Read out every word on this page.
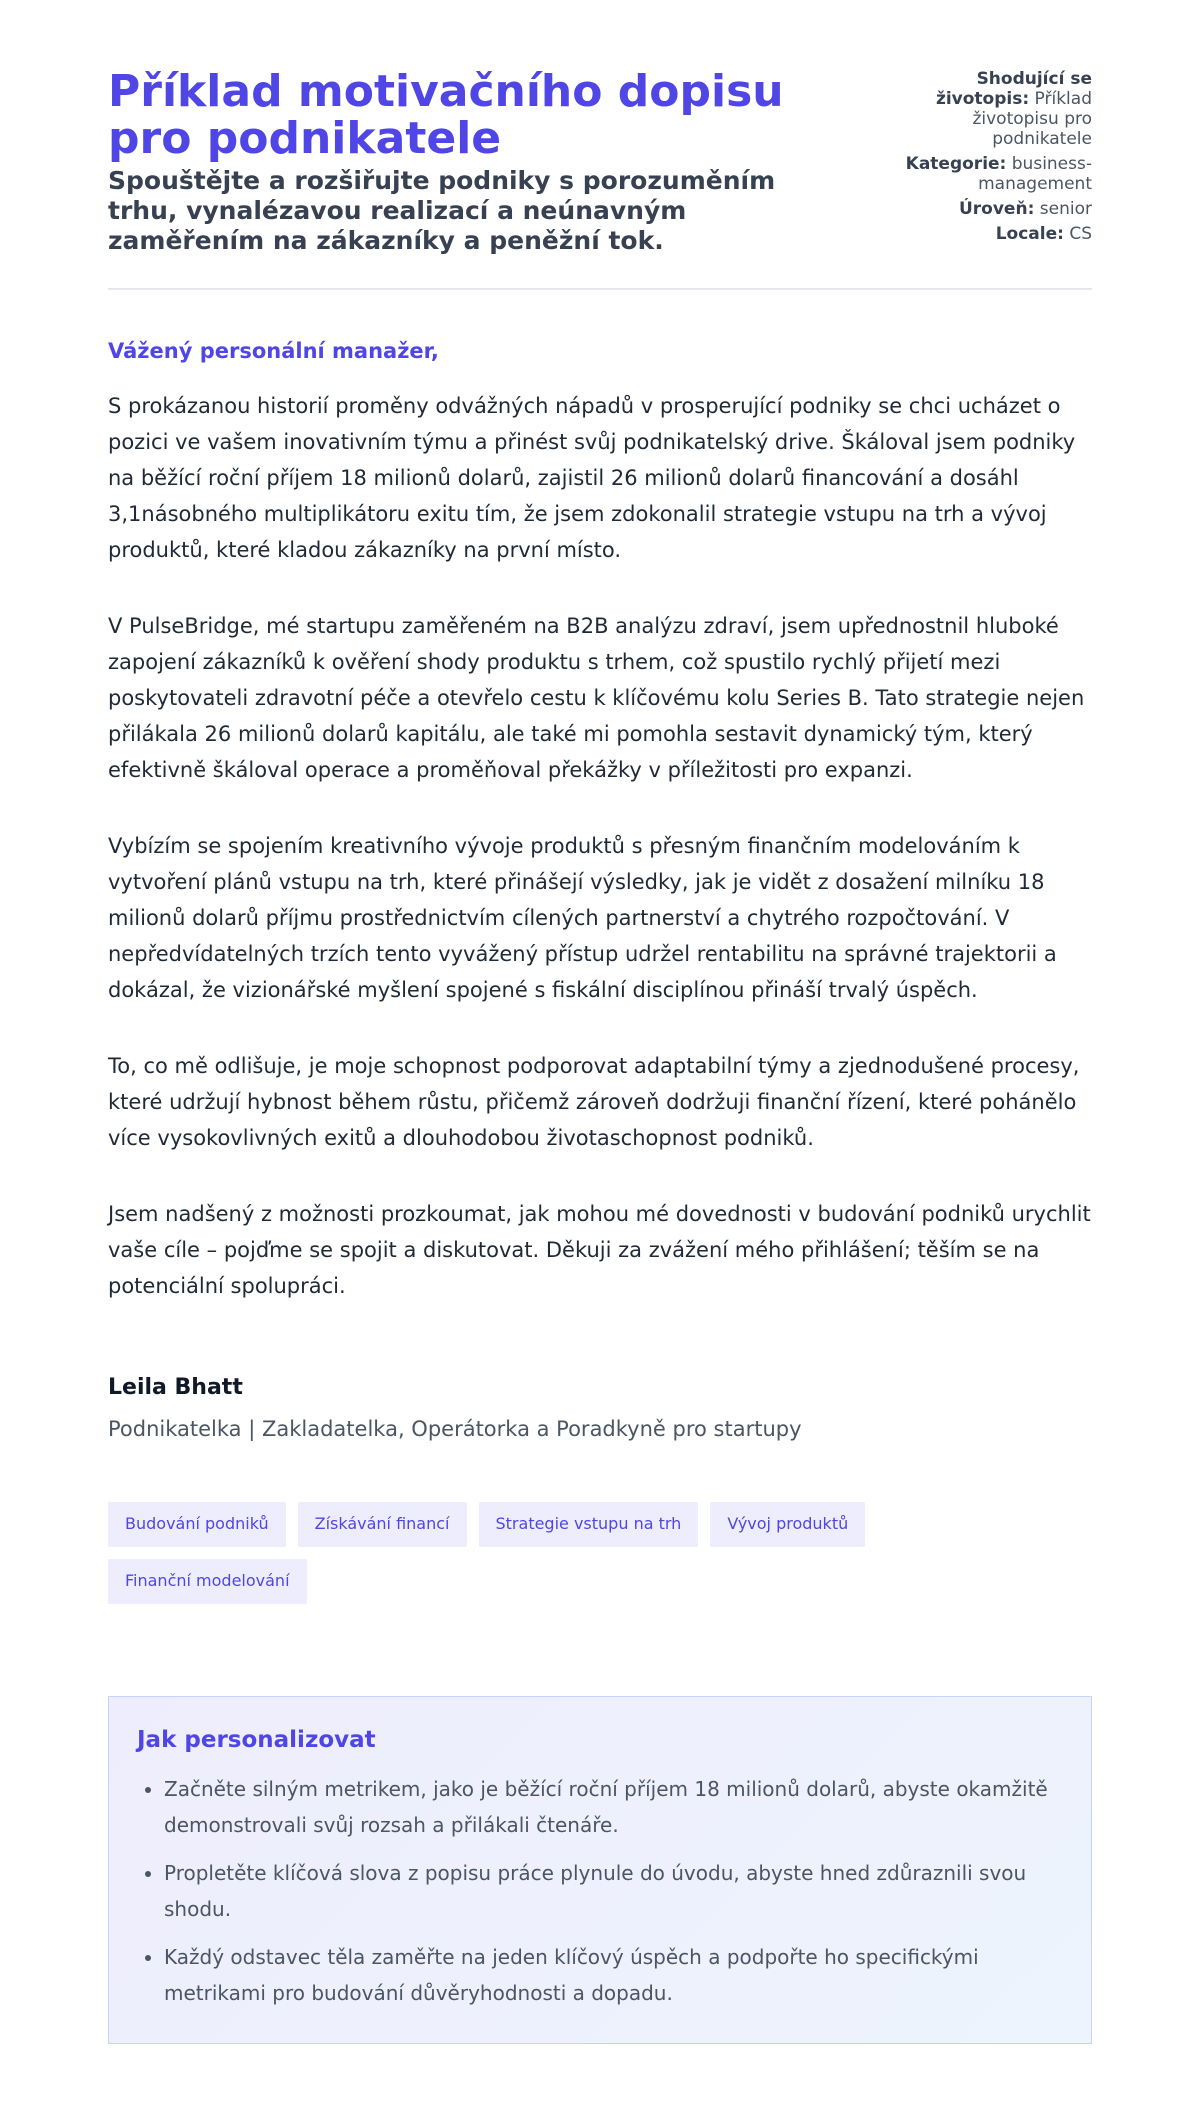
Příklad motivačního dopisu pro podnikatele
Spouštějte a rozšiřujte podniky s porozuměním trhu, vynalézavou realizací a neúnavným zaměřením na zákazníky a peněžní tok.
Shodující se životopis: Příklad životopisu pro podnikatele
Kategorie: business-management
Úroveň: senior
Locale: CS

Vážený personální manažer,

S prokázanou historií proměny odvážných nápadů v prosperující podniky se chci ucházet o pozici ve vašem inovativním týmu a přinést svůj podnikatelský drive. Škáloval jsem podniky na běžící roční příjem 18 milionů dolarů, zajistil 26 milionů dolarů financování a dosáhl 3,1násobného multiplikátoru exitu tím, že jsem zdokonalil strategie vstupu na trh a vývoj produktů, které kladou zákazníky na první místo.

V PulseBridge, mé startupu zaměřeném na B2B analýzu zdraví, jsem upřednostnil hluboké zapojení zákazníků k ověření shody produktu s trhem, což spustilo rychlý přijetí mezi poskytovateli zdravotní péče a otevřelo cestu k klíčovému kolu Series B. Tato strategie nejen přilákala 26 milionů dolarů kapitálu, ale také mi pomohla sestavit dynamický tým, který efektivně škáloval operace a proměňoval překážky v příležitosti pro expanzi.

Vybízím se spojením kreativního vývoje produktů s přesným finančním modelováním k vytvoření plánů vstupu na trh, které přinášejí výsledky, jak je vidět z dosažení milníku 18 milionů dolarů příjmu prostřednictvím cílených partnerství a chytrého rozpočtování. V nepředvídatelných trzích tento vyvážený přístup udržel rentabilitu na správné trajektorii a dokázal, že vizionářské myšlení spojené s fiskální disciplínou přináší trvalý úspěch.

To, co mě odlišuje, je moje schopnost podporovat adaptabilní týmy a zjednodušené procesy, které udržují hybnost během růstu, přičemž zároveň dodržuji finanční řízení, které pohánělo více vysokovlivných exitů a dlouhodobou životaschopnost podniků.

Jsem nadšený z možnosti prozkoumat, jak mohou mé dovednosti v budování podniků urychlit vaše cíle – pojďme se spojit a diskutovat. Děkuji za zvážení mého přihlášení; těším se na potenciální spolupráci.

Leila Bhatt
Podnikatelka | Zakladatelka, Operátorka a Poradkyně pro startupy
Budování podniků	Získávání financí	Strategie vstupu na trh	Vývoj produktů
Finanční modelování
Jak personalizovat
• Začněte silným metrikem, jako je běžící roční příjem 18 milionů dolarů, abyste okamžitě demonstrovali svůj rozsah a přilákali čtenáře.
• Propletěte klíčová slova z popisu práce plynule do úvodu, abyste hned zdůraznili svou shodu.
• Každý odstavec těla zaměřte na jeden klíčový úspěch a podpořte ho specifickými metrikami pro budování důvěryhodnosti a dopadu.
